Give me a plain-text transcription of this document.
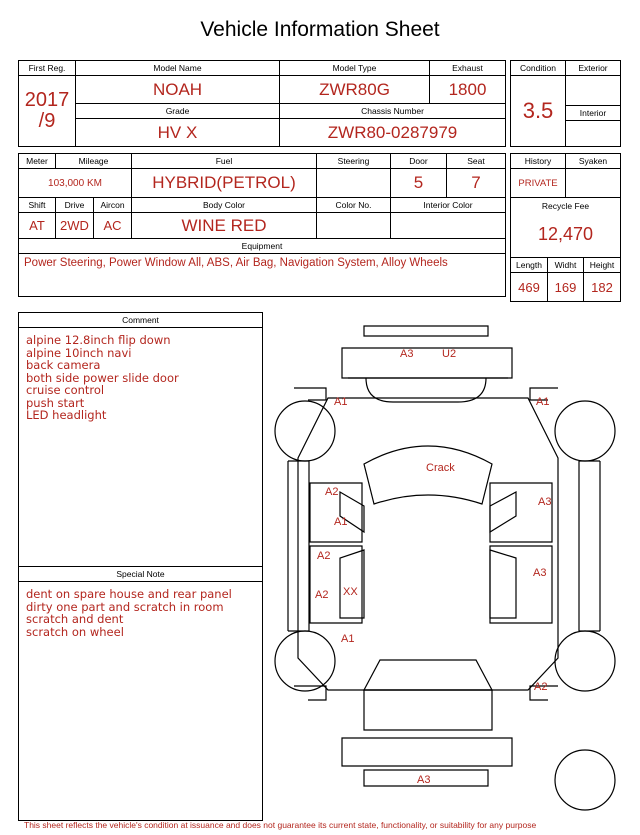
Vehicle Information Sheet
First Reg.	Model Name	Model Type	Exhaust

2017
/9	NOAH	ZWR80G	1800
	Grade	Chassis Number	
	HV X	ZWR80-0287979	
Condition	Exterior
3.5	
	Interior

Meter	Mileage		Fuel	Steering	Door	Seat
103,000 KM			HYBRID(PETROL)		5	7
Shift	Drive	Aircon	Body Color	Color No.	Interior Color	
AT	2WD	AC	WINE RED			
Equipment						
Power Steering, Power Window All, ABS, Air Bag, Navigation System, Alloy Wheels						
History	Syaken
PRIVATE	
Recycle Fee
12,470
Length	Widht	Height
469	169	182
Comment
alpine 12.8inch flip down
alpine 10inch navi
back camera
both side power slide door
cruise control
push start
LED headlight
Special Note
dent on spare house and rear panel
dirty one part and scratch in room
scratch and dent
scratch on wheel
A3	U2
A1	A1
Crack
A2
A1
A3
A2
A3
A2 XX
A1
A2
A3
This sheet reflects the vehicle's condition at issuance and does not guarantee its current state, functionality, or suitability for any purpose
